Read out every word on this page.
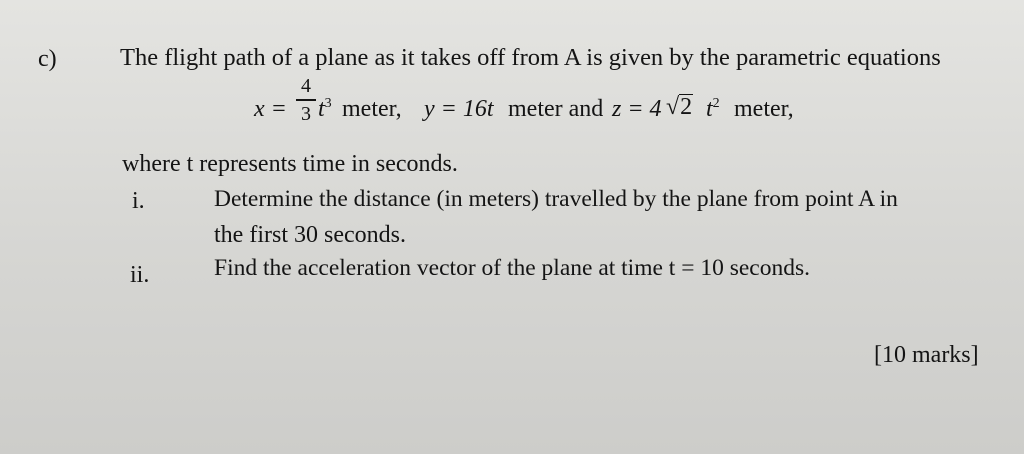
c)	The flight path of a plane as it takes off from A is given by the parametric equations
x =
4
3 $t^3$ meter, y = 16t meter and z = 4 √2 $t^2$ meter,
where t represents time in seconds.
i.	Determine the distance (in meters) travelled by the plane from point A in
the first 30 seconds.
ii.	Find the acceleration vector of the plane at time t = 10 seconds.
[10 marks]
